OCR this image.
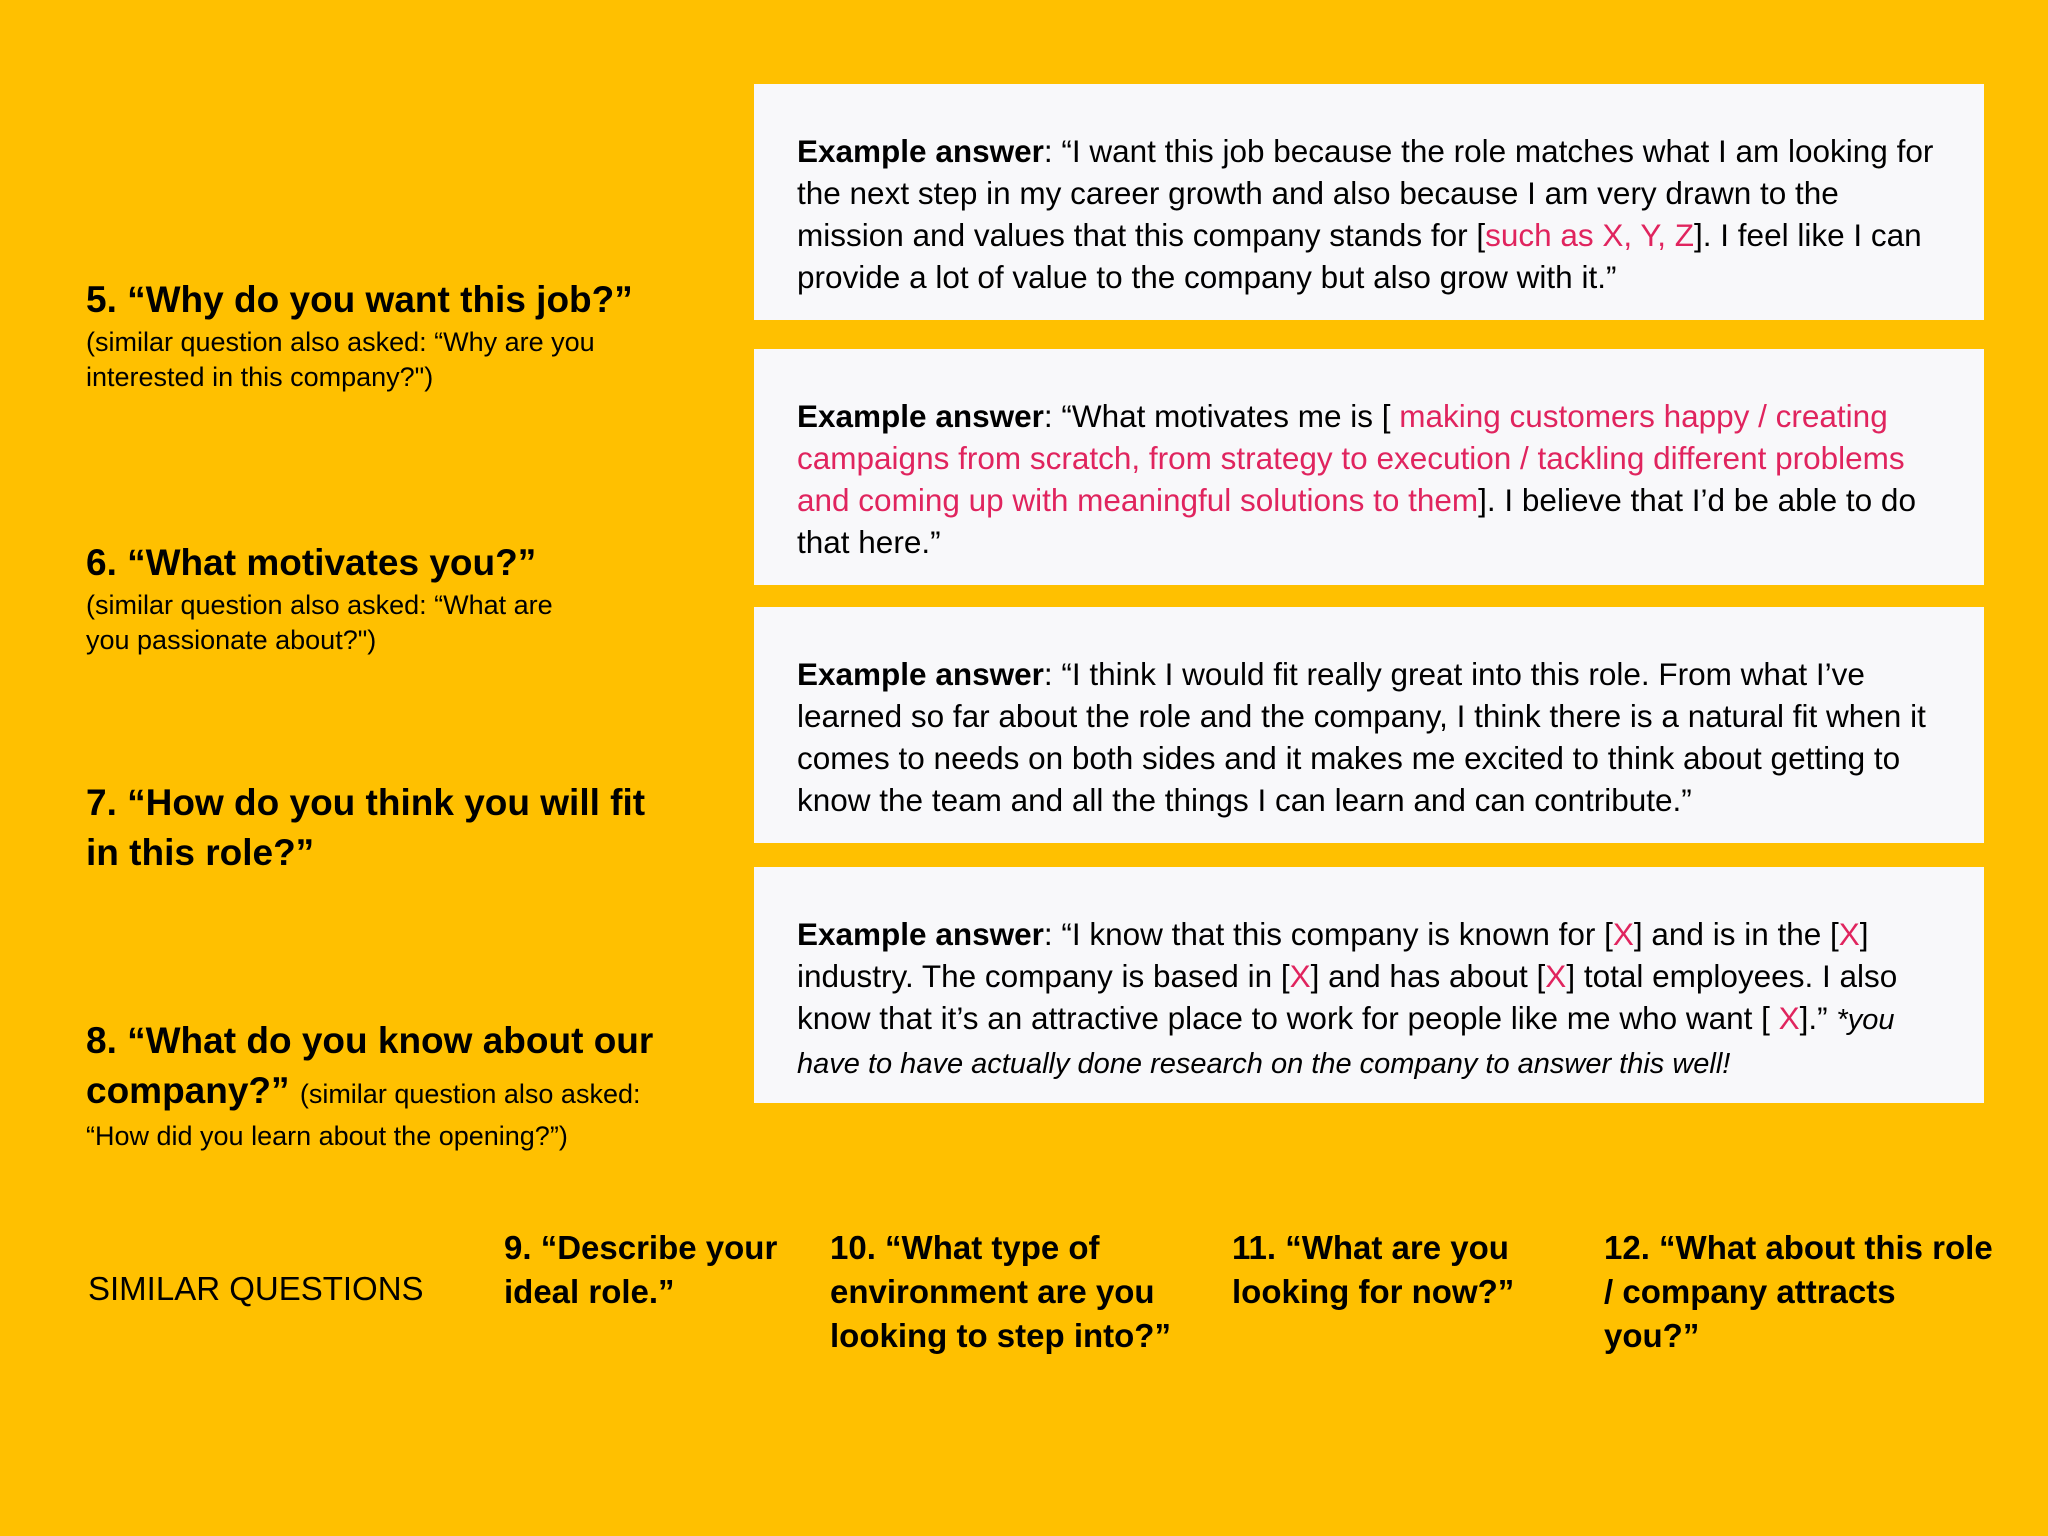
5. “Why do you want this job?”
(similar question also asked: “Why are you interested in this company?")
6. “What motivates you?”
(similar question also asked: “What are you passionate about?")
7. “How do you think you will fit in this role?”
8. “What do you know about our company?” (similar question also asked:
“How did you learn about the opening?”)
Example answer: “I want this job because the role matches what I am looking for the next step in my career growth and also because I am very drawn to the mission and values that this company stands for [such as X, Y, Z]. I feel like I can provide a lot of value to the company but also grow with it.”
Example answer: “What motivates me is [ making customers happy / creating campaigns from scratch, from strategy to execution / tackling different problems and coming up with meaningful solutions to them]. I believe that I’d be able to do that here.”
Example answer: “I think I would fit really great into this role. From what I’ve learned so far about the role and the company, I think there is a natural fit when it comes to needs on both sides and it makes me excited to think about getting to know the team and all the things I can learn and can contribute.”
Example answer: “I know that this company is known for [X] and is in the [X] industry. The company is based in [X] and has about [X] total employees. I also know that it’s an attractive place to work for people like me who want [ X].” *you have to have actually done research on the company to answer this well!
SIMILAR QUESTIONS
9. “Describe your ideal role.”
10. “What type of environment are you looking to step into?”
11. “What are you looking for now?”
12. “What about this role / company attracts you?”
